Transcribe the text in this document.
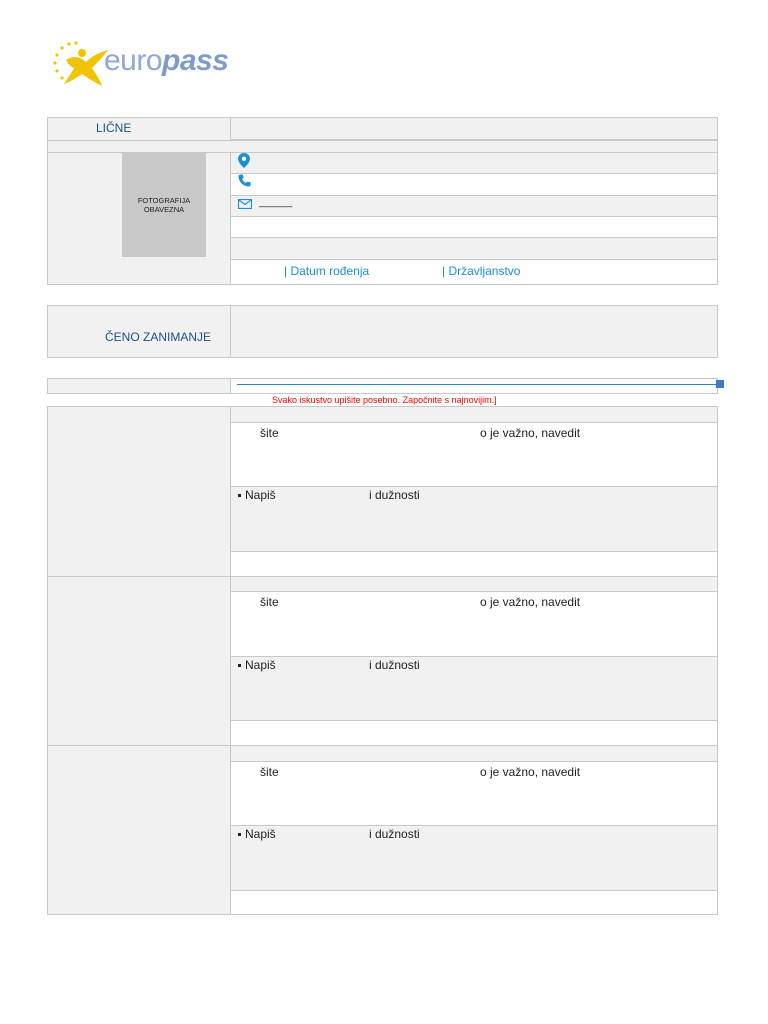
europass
LIČNE
FOTOGRAFIJA
OBAVEZNA
______
| Datum rođenja	| Državljanstvo
ČENO ZANIMANJE
Svako iskustvo upišite posebno. Započnite s najnovijim.]
šite	o je važno, navedit
Napiš	i dužnosti
šite	o je važno, navedit
Napiš	i dužnosti
šite	o je važno, navedit
Napiš	i dužnosti
